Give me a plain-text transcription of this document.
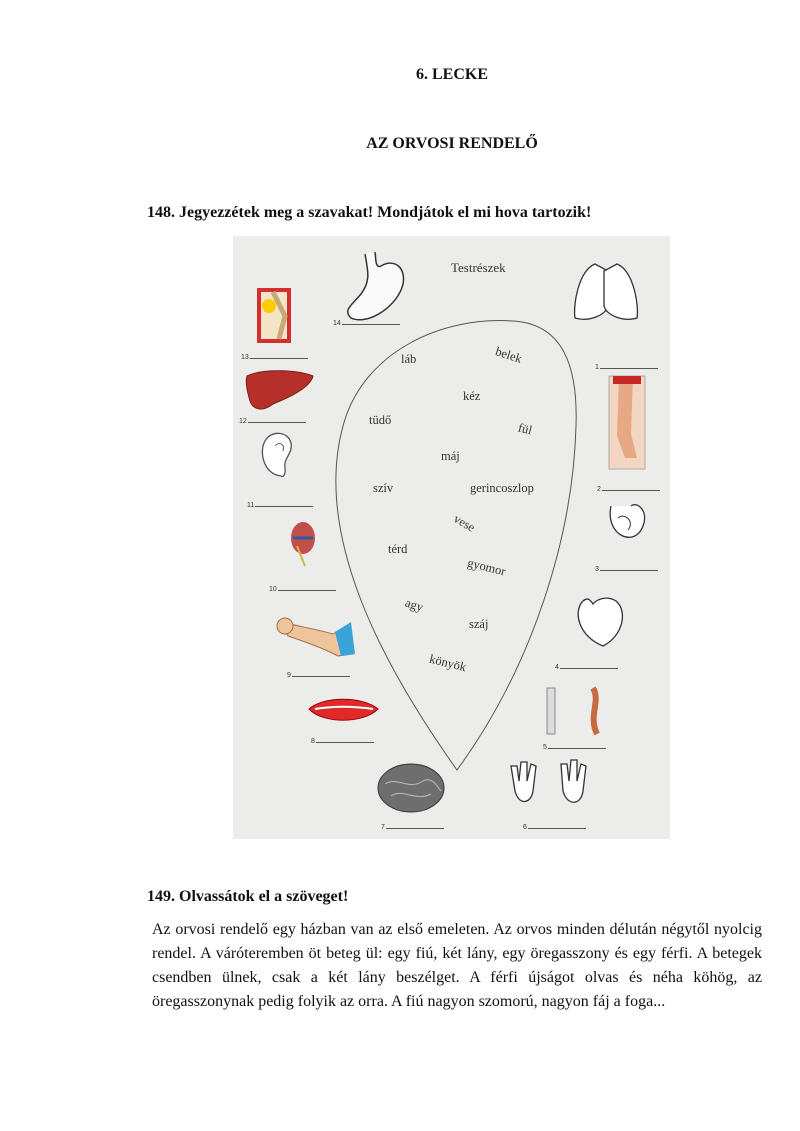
6. LECKE
AZ ORVOSI RENDELŐ
148. Jegyezzétek meg a szavakat! Mondjátok el mi hova tartozik!
Testrészek
láb	belek
kéz
tüdő
fül
máj
szív	gerincoszlop
vese
térd
gyomor
agy
száj
könyök
1
2
3
4
5
6
7
8
9
10
11
12
13
14
149. Olvassátok el a szöveget!
Az orvosi rendelő egy házban van az első emeleten. Az orvos minden délután négytől nyolcig rendel. A váróteremben öt beteg ül: egy fiú, két lány, egy öregasszony és egy férfi. A betegek csendben ülnek, csak a két lány beszélget. A férfi újságot olvas és néha köhög, az öregasszonynak pedig folyik az orra. A fiú nagyon szomorú, nagyon fáj a foga...
